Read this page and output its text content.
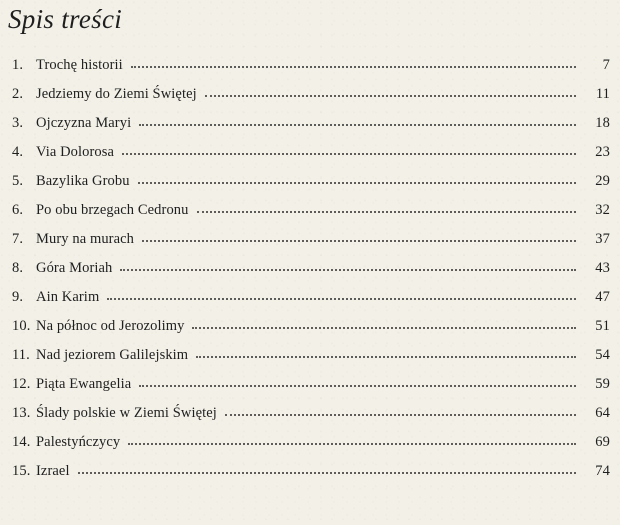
Spis treści
1. Trochę historii	7
2. Jedziemy do Ziemi Świętej	11
3. Ojczyzna Maryi	18
4. Via Dolorosa	23
5. Bazylika Grobu	29
6. Po obu brzegach Cedronu	32
7. Mury na murach	37
8. Góra Moriah	43
9. Ain Karim	47
10. Na północ od Jerozolimy	51
11. Nad jeziorem Galilejskim	54
12. Piąta Ewangelia	59
13. Ślady polskie w Ziemi Świętej	64
14. Palestyńczycy	69
15. Izrael	74
